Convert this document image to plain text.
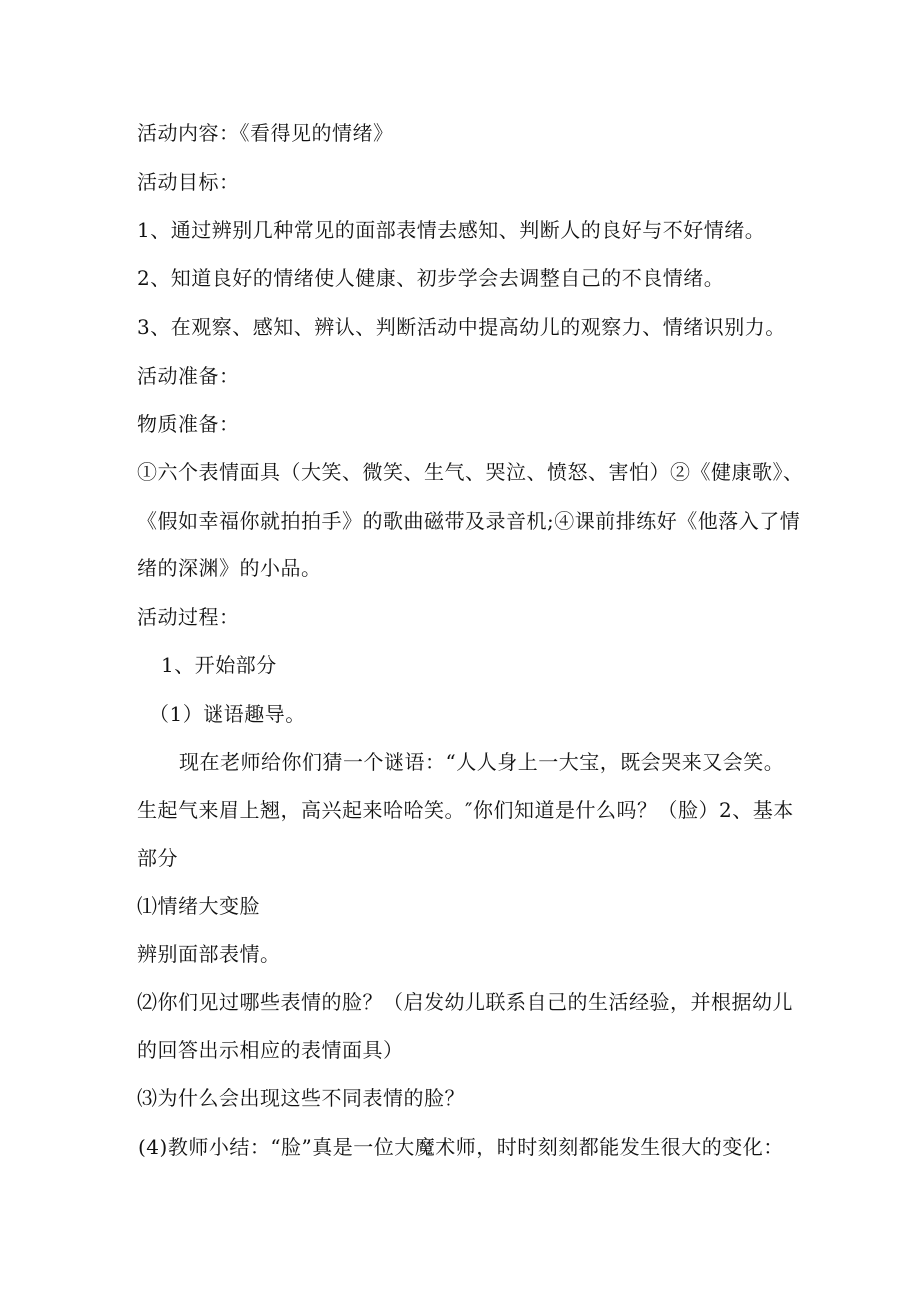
活动内容：《看得见的情绪》
活动目标：
1、通过辨别几种常见的面部表情去感知、判断人的良好与不好情绪。
2、知道良好的情绪使人健康、初步学会去调整自己的不良情绪。
3、在观察、感知、辨认、判断活动中提高幼儿的观察力、情绪识别力。
活动准备：
物质准备：
①六个表情面具（大笑、微笑、生气、哭泣、愤怒、害怕）②《健康歌》、
《假如幸福你就拍拍手》的歌曲磁带及录音机;④课前排练好《他落入了情
绪的深渊》的小品。
活动过程：
1、开始部分
（1）谜语趣导。
现在老师给你们猜一个谜语：“人人身上一大宝，既会哭来又会笑。
生起气来眉上翘，高兴起来哈哈笑。″你们知道是什么吗？（脸）2、基本
部分
⑴情绪大变脸
辨别面部表情。
⑵你们见过哪些表情的脸？（启发幼儿联系自己的生活经验，并根据幼儿
的回答出示相应的表情面具）
⑶为什么会出现这些不同表情的脸？
(4)教师小结：“脸”真是一位大魔术师，时时刻刻都能发生很大的变化：
